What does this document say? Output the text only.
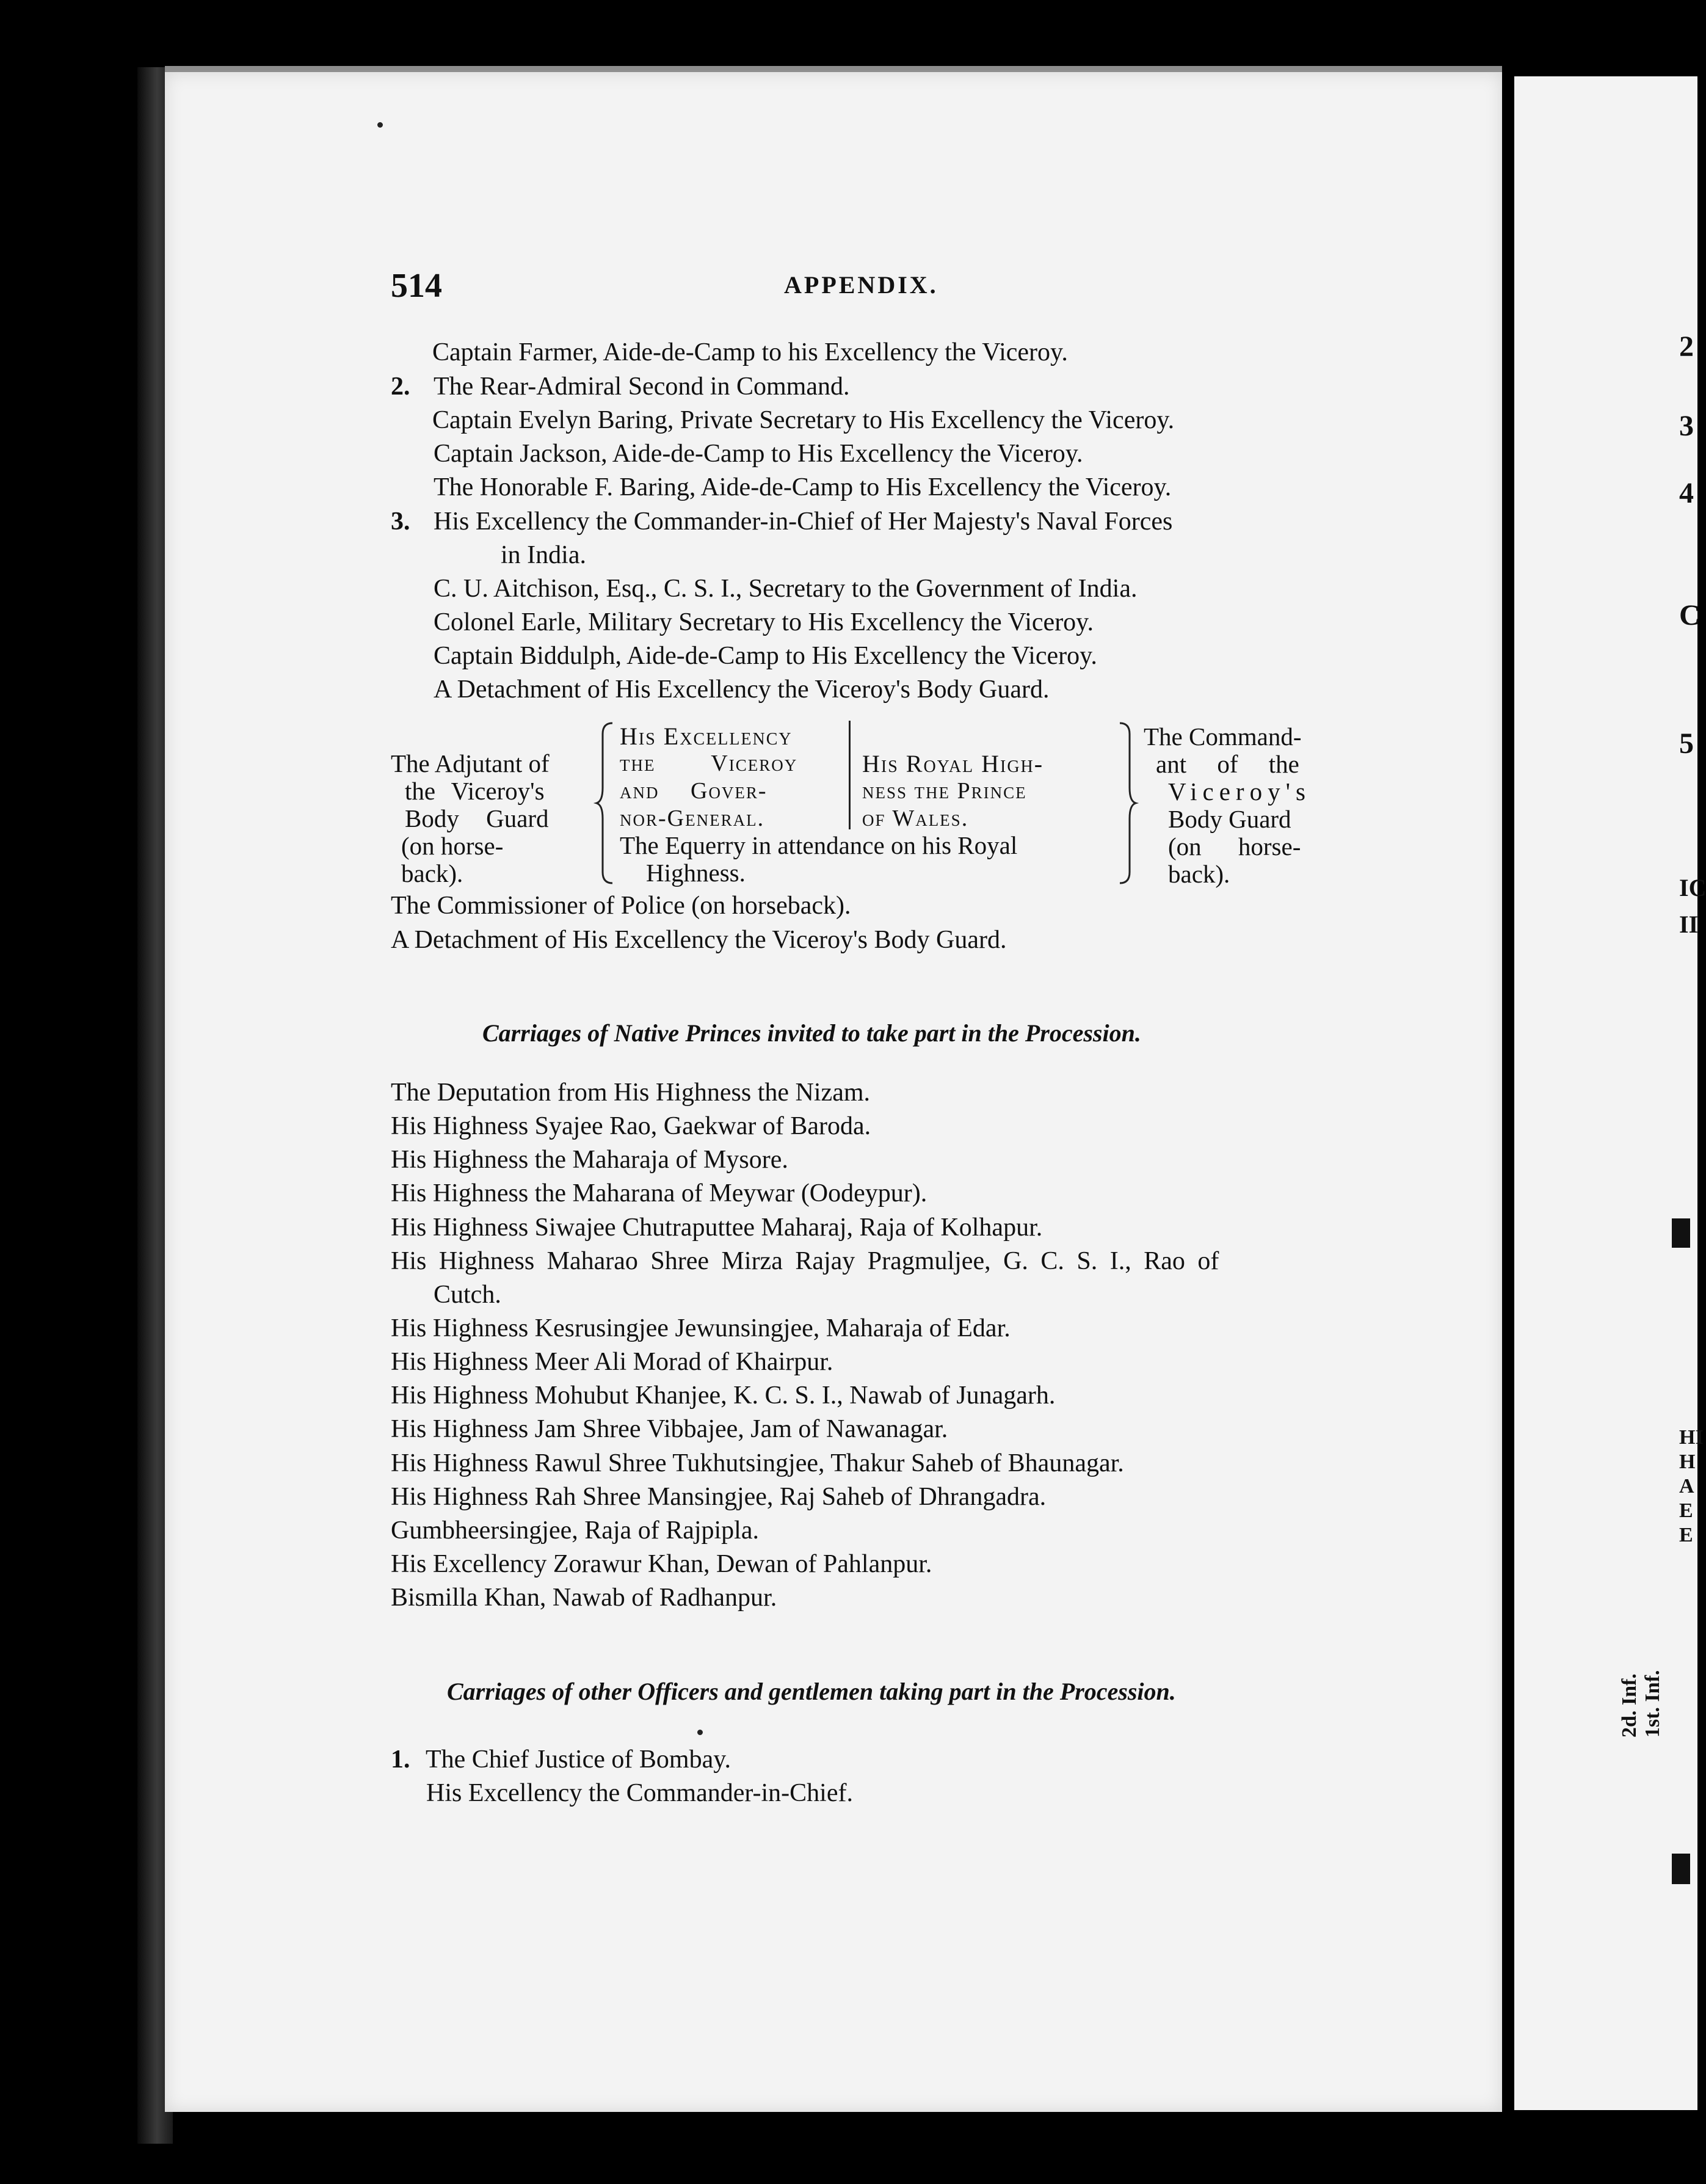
2
3
4
C
5
IC
II
HI
H
A
E
E
2d. Inf. 1st. Inf.
514	APPENDIX.
Captain Farmer, Aide-de-Camp to his Excellency the Viceroy.
2. The Rear-Admiral Second in Command.
Captain Evelyn Baring, Private Secretary to His Excellency the Viceroy.
Captain Jackson, Aide-de-Camp to His Excellency the Viceroy.
The Honorable F. Baring, Aide-de-Camp to His Excellency the Viceroy.
3. His Excellency the Commander-in-Chief of Her Majesty's Naval Forces
in India.
C. U. Aitchison, Esq., C. S. I., Secretary to the Government of India.
Colonel Earle, Military Secretary to His Excellency the Viceroy.
Captain Biddulph, Aide-de-Camp to His Excellency the Viceroy.
A Detachment of His Excellency the Viceroy's Body Guard.
The Adjutant of
the Viceroy's
Body Guard
(on horse-
back).
His Excellency
the Viceroy
and Gover-
nor-General.
His Royal High-
ness the Prince
of Wales.
The Equerry in attendance on his Royal
Highness.
The Command-
ant of the
Viceroy's
Body Guard
(on horse-
back).
The Commissioner of Police (on horseback).
A Detachment of His Excellency the Viceroy's Body Guard.
Carriages of Native Princes invited to take part in the Procession.
The Deputation from His Highness the Nizam.
His Highness Syajee Rao, Gaekwar of Baroda.
His Highness the Maharaja of Mysore.
His Highness the Maharana of Meywar (Oodeypur).
His Highness Siwajee Chutraputtee Maharaj, Raja of Kolhapur.
His Highness Maharao Shree Mirza Rajay Pragmuljee, G. C. S. I., Rao of
Cutch.
His Highness Kesrusingjee Jewunsingjee, Maharaja of Edar.
His Highness Meer Ali Morad of Khairpur.
His Highness Mohubut Khanjee, K. C. S. I., Nawab of Junagarh.
His Highness Jam Shree Vibbajee, Jam of Nawanagar.
His Highness Rawul Shree Tukhutsingjee, Thakur Saheb of Bhaunagar.
His Highness Rah Shree Mansingjee, Raj Saheb of Dhrangadra.
Gumbheersingjee, Raja of Rajpipla.
His Excellency Zorawur Khan, Dewan of Pahlanpur.
Bismilla Khan, Nawab of Radhanpur.
Carriages of other Officers and gentlemen taking part in the Procession.
1. The Chief Justice of Bombay.
His Excellency the Commander-in-Chief.
